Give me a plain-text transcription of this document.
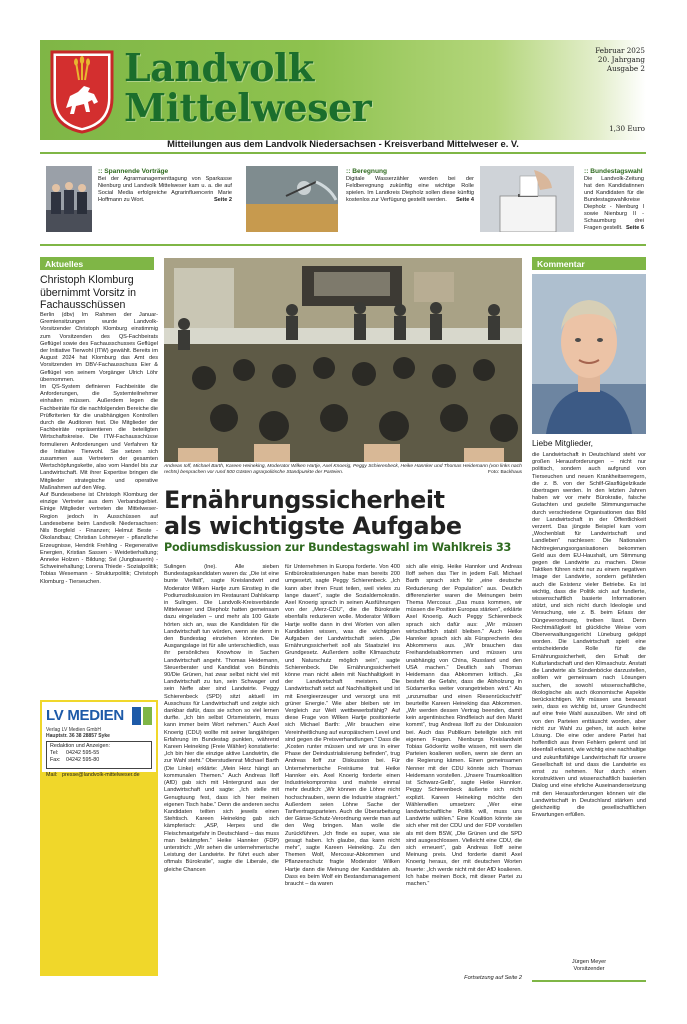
Landvolk
Mittelweser
Februar 2025
20. Jahrgang
Ausgabe 2
1,30 Euro
Mitteilungen aus dem Landvolk Niedersachsen - Kreisverband Mittelweser e. V.
:: Spannende Vorträge
Bei der Agrarmanagementtagung von Sparkasse Nienburg und Landvolk Mittelweser kam u. a. die auf Social Media erfolgreiche Agrarinfluencerin Marie Hoffmann zu Wort.	Seite 2
:: Beregnung
Digitale Wasserzähler werden bei der Feldberegnung zukünftig eine wichtige Rolle spielen. Im Landkreis Diepholz sollen diese künftig kostenlos zur Verfügung gestellt werden. Seite 4
:: Bundestagswahl
Die Landvolk-Zeitung hat den Kandidatinnen und Kandidaten für die Bundestagswahlkreise Diepholz - Nienburg I sowie Nienburg II - Schaumburg drei Fragen gestellt. Seite 6
Aktuelles
Christoph Klomburg übernimmt Vorsitz in Fachausschüssen

Berlin (dbv) Im Rahmen der Januar-Gremiensitzungen wurde Landvolk-Vorsitzender Christoph Klomburg einstimmig zum Vorsitzenden des QS-Fachbeirats Geflügel sowie des Fachausschusses Geflügel der Initiative Tierwohl (ITW) gewählt. Bereits im August 2024 hat Klomburg das Amt des Vorsitzenden im DBV-Fachausschuss Eier & Geflügel von seinem Vorgänger Ulrich Löhr übernommen.

Im QS-System definieren Fachbeiräte die Anforderungen, die Systemteilnehmer einhalten müssen. Außerdem legen die Fachbeiräte für die nachfolgenden Bereiche die Prüfkriterien für die unabhängigen Kontrollen durch die Auditoren fest. Die Mitglieder der Fachbeiräte repräsentieren die beteiligten Wirtschaftskreise. Die ITW-Fachausschüsse formulieren Anforderungen und Verfahren für die Initiative Tierwohl. Sie setzen sich zusammen aus Vertretern der gesamten Wertschöpfungskette, also vom Handel bis zur Landwirtschaft. Mit ihrer Expertise bringen die Mitglieder strategische und operative Maßnahmen auf den Weg.

Auf Bundesebene ist Christoph Klomburg der einzige Vertreter aus dem Verbandsgebiet. Einige Mitglieder vertreten die Mittelweser-Region jedoch in Ausschüssen auf Landesebene beim Landvolk Niedersachsen: Nils Borgfeld - Finanzen; Helmut Beste - Ökolandbau; Christian Lohmeyer - pflanzliche Erzeugnisse, Hendrik Frehling - Regenerative Energien, Kristian Sassen - Weidetierhaltung; Anneke Holzen - Bildung; Svi (Jungbauerin) - Schweinehaltung; Lorena Thiede - Sozialpolitik; Tobias Wesemann - Strukturpolitik; Christoph Klomburg - Tierseuchen.

LV MEDIEN
Verlag LV Medien GmbH
Hauptstr. 36 38 28857 Syke
Redaktion und Anzeigen:
Tel: 04242 595-55
Fax: 04242 595-80
Mail: presse@landvolk-mittelweser.de
Andreas Ioff, Michael Barth, Kareen Heineking, Moderator Wilken Hartje, Axel Knoerig, Peggy Schierenbeck, Heike Hannker und Thomas Heidemann (von links nach rechts) besprachen vor rund 500 Gästen agrarpolitische Standpunkte der Parteien.	Foto: Backhaus
Ernährungssicherheit
als wichtigste Aufgabe
Podiumsdiskussion zur Bundestagswahl im Wahlkreis 33
Sulingen (lne). Alle sieben Bundestagskandidaten waren da: „Die ist eine bunte Vielfalt“, sagte Kreislandwirt und Moderator Wilken Hartje zum Einstieg in die Podiumsdiskussion im Restaurant Dahlskamp in Sulingen. Die Landvolk-Kreisverbände Mittelweser und Diepholz hatten gemeinsam dazu eingeladen – und mehr als 100 Gäste hörten sich an, was die Kandidaten für die Landwirtschaft tun würden, wenn sie denn in den Bundestag einziehen könnten. Die Ausgangslage ist für alle unterschiedlich, was ihr persönliches Knowhow in Sachen Landwirtschaft angeht. Thomas Heidemann, Steuerberater und Kandidat von Bündnis 90/Die Grünen, hat zwar selbst nicht viel mit Landwirtschaft zu tun, sein Schwager und sein Neffe aber sind Landwirte. Peggy Schierenbeck (SPD) sitzt aktuell im Ausschuss für Landwirtschaft und zeigte sich dankbar dafür, dass sie schon so viel lernen durfte. „Ich bin selbst Ortsmeisterin, muss kann immer beim Wort nehmen.“ Auch Axel Knoerig (CDU) wollte mit seiner langjährigen Erfahrung im Bundestag punkten, während Kareen Heineking (Freie Wähler) konstatierte: „Ich bin hier die einzige aktive Landwirtin, die zur Wahl steht.“ Oberstudienrat Michael Barth (Die Linke) erklärte: „Mein Herz hängt an kommunalen Themen.“ Auch Andreas Iloff (AfD) gab sich mit Hintergrund aus der Landwirtschaft und sagte: „Ich stelle mit Genugtuung fest, dass ich hier meinen eigenen Tisch habe.“ Denn die anderen sechs Kandidaten teilten sich jeweils einen Stehtisch. Kareen Heineking gab sich kämpferisch: „ASP, Herpes und die Fleischmastgefahr in Deutschland – das muss man bekämpfen.“ Heike Hannker (FDP) unterstrich: „Wir sehen die unternehmerische Leistung der Landwirte. Ihr führt euch aber oftmals Bürokratie“, sagte die Liberale, die gleiche Chancen
für Unternehmen in Europa forderte. Von 400 Entbürokratisierungen habe man bereits 200 umgesetzt, sagte Peggy Schierenbeck. „Ich kann aber ihren Frust teilen, weil vieles zu lange dauert“, sagte die Sozialdemokratin. Axel Knoerig sprach in seinen Ausführungen von der „Merz-CDU“, die die Bürokratie ebenfalls reduzieren wolle. Moderator Wilken Hartje wollte dann in drei Worten von allen Kandidaten wissen, was die wichtigsten Aufgaben der Landwirtschaft seien. „Die Ernährungssicherheit soll als Staatsziel ins Grundgesetz. Außerdem sollte Klimaschutz und Naturschutz möglich sein“, sagte Schierenbeck. Die Ernährungssicherheit könne man nicht allein mit Nachhaltigkeit in der Landwirtschaft meistern. Die Landwirtschaft setzt auf Nachhaltigkeit und ist mit Energieerzeuger und versorgt uns mit grüner Energie.“ Wie aber bleiben wir im Vergleich zur Welt wettbewerbsfähig? Auf diese Frage von Wilken Hartje positionierte sich Michael Barth: „Wir brauchen eine Vereinheitlichung auf europäischem Level und sind gegen die Preisverhandlungen.“ Dass die „Kosten runter müssen und wir uns in einer Phase der Deindustrialisierung befinden“, trug Andreas Iloff zur Diskussion bei. Für Unternehmerische Freiräume trat Heike Hannker ein. Axel Knoerig forderte einen Industriekompromiss und mahnte einmal mehr deutlich: „Wir können die Löhne nicht hochschrauben, wenn die Industrie stagniert.“ Außerdem seien Löhne Sache der Tarifvertragsparteien. Auch die Überarbeitung der Gänse-Schutz-Verordnung werde man auf den Weg bringen. Man wolle die Zurückführen. „Ich finde es super, was sie gesagt haben. Ich glaube, das kann nicht mehr“, sagte Kareen Heineking. Zu den Themen Wolf, Mercosur-Abkommen und Pflanzenschutz fragte Moderator Wilken Hartje dann die Meinung der Kandidaten ab. Dass es beim Wolf ein Bestandsmanagement braucht – da waren
sich alle einig. Heike Hannker und Andreas Iloff sehen das Tier in jedem Fall. Michael Barth sprach sich für „eine deutsche Reduzierung der Population“ aus. Deutlich differenzierter waren die Meinungen beim Thema Mercosur. „Das muss kommen, wir müssen die Position Europas stärken“, erklärte Axel Knoerig. Auch Peggy Schierenbeck sprach sich dafür aus: „Wir müssen wirtschaftlich stabil bleiben.“ Auch Heike Hannker sprach sich als Fürsprecherin des Abkommens aus. „Wir brauchen das Freihandelsabkommen und müssen uns unabhängig von China, Russland und den USA machen.“ Deutlich sah Thomas Heidemann das Abkommen kritisch. „Es besteht die Gefahr, dass die Abholzung in Südamerika weiter vorangetrieben wird.“ Als „unzumutbar und einen Riesenrückschritt“ beurteilte Kareen Heineking das Abkommen. „Wir werden dessen Vertrag beenden, damit kein argentinisches Rindfleisch auf den Markt kommt“, trug Andreas Iloff zu der Diskussion bei. Auch das Publikum beteiligte sich mit eigenen Fragen. Nienburgs Kreislandwirt Tobias Göckeritz wollte wissen, mit wem die Parteien koalieren wollen, wenn sie denn an die Regierung kämen. Einen gemeinsamen Nenner mit der CDU könnte sich Thomas Heidemann vorstellen. „Unsere Traumkoalition ist Schwarz-Gelb“, sagte Heike Hannker. Peggy Schierenbeck äußerte sich nicht explizit. Kareen Heineking möchte den Wählerwillen umsetzen: „Wer eine landwirtschaftliche Politik will, muss uns Landwirte wählen.“ Eine Koalition könnte sie sich eher mit der CDU und der FDP vorstellen als mit dem BSW, „Die Grünen und die SPD sind ausgeschlossen. Vielleicht eine CDU, die sich erneuert“, gab Andreas Iloff seine Meinung preis. Und forderte damit Axel Knoerig heraus, der mit deutschen Worten feuerte: „Ich werde nicht mit der AfD koalieren. Ich habe meinen Bock, mit dieser Partei zu machen.“
Fortsetzung auf Seite 2
Kommentar
Liebe Mitglieder,
die Landwirtschaft in Deutschland steht vor großen Herausforderungen – nicht nur politisch, sondern auch aufgrund von Tierseuchen und neuen Krankheitserregern, die z. B. von der Schilf-Glasflügelzikade übertragen werden. In den letzten Jahren haben wir vor mehr Bürokratie, falsche Gutachten und gezielte Stimmungsmache durch verschiedene Organisationen das Bild der Landwirtschaft in der Öffentlichkeit verzerrt. Das jüngste Beispiel kam vom „Wochenblatt für Landwirtschaft und Landleben“ nachlesen: Die Nationalen Nichtregierungsorganisationen bekommen Geld aus dem EU-Haushalt, um Stimmung gegen die Landwirte zu machen. Diese Taktiken führen nicht nur zu einem negativen Image der Landwirte, sondern gefährden auch die Existenz vieler Betriebe. Es ist wichtig, dass die Politik sich auf fundierte, wissenschaftlich basierte Informationen stützt, und sich nicht durch Ideologie und Versuchung, wie z. B. beim Erlass der Düngeverordnung, treiben lässt. Denn Rechtmäßigkeit ist glückliche Weise vom Oberverwaltungsgericht Lüneburg gekippt worden. Die Landwirtschaft spielt eine entscheidende Rolle für die Ernährungssicherheit, den Erhalt der Kulturlandschaft und den Klimaschutz. Anstatt die Landwirte als Sündenböcke darzustellen, sollten wir gemeinsam nach Lösungen suchen, die sowohl wissenschaftliche, ökologische als auch ökonomische Aspekte berücksichtigen. Wir müssen uns bewusst sein, dass es wichtig ist, unser Grundrecht auf eine freie Wahl auszuüben. Wir sind oft von den Parteien enttäuscht worden, aber nicht zur Wahl zu gehen, ist auch keine Lösung. Die eine oder andere Partei hat hoffentlich aus ihren Fehlern gelernt und ist ideenfall erkannt, wie wichtig eine nachhaltige und zukunftsfähige Landwirtschaft für unsere Gesellschaft ist und dass die Landwirte es ernst zu nehmen. Nur durch einen konstruktiven und wissenschaftlich basierten Dialog und eine ehrliche Auseinandersetzung mit den Herausforderungen können wir die Landwirtschaft in Deutschland stärken und gleichzeitig die gesellschaftlichen Erwartungen erfüllen.
Jürgen Meyer
Vorsitzender
